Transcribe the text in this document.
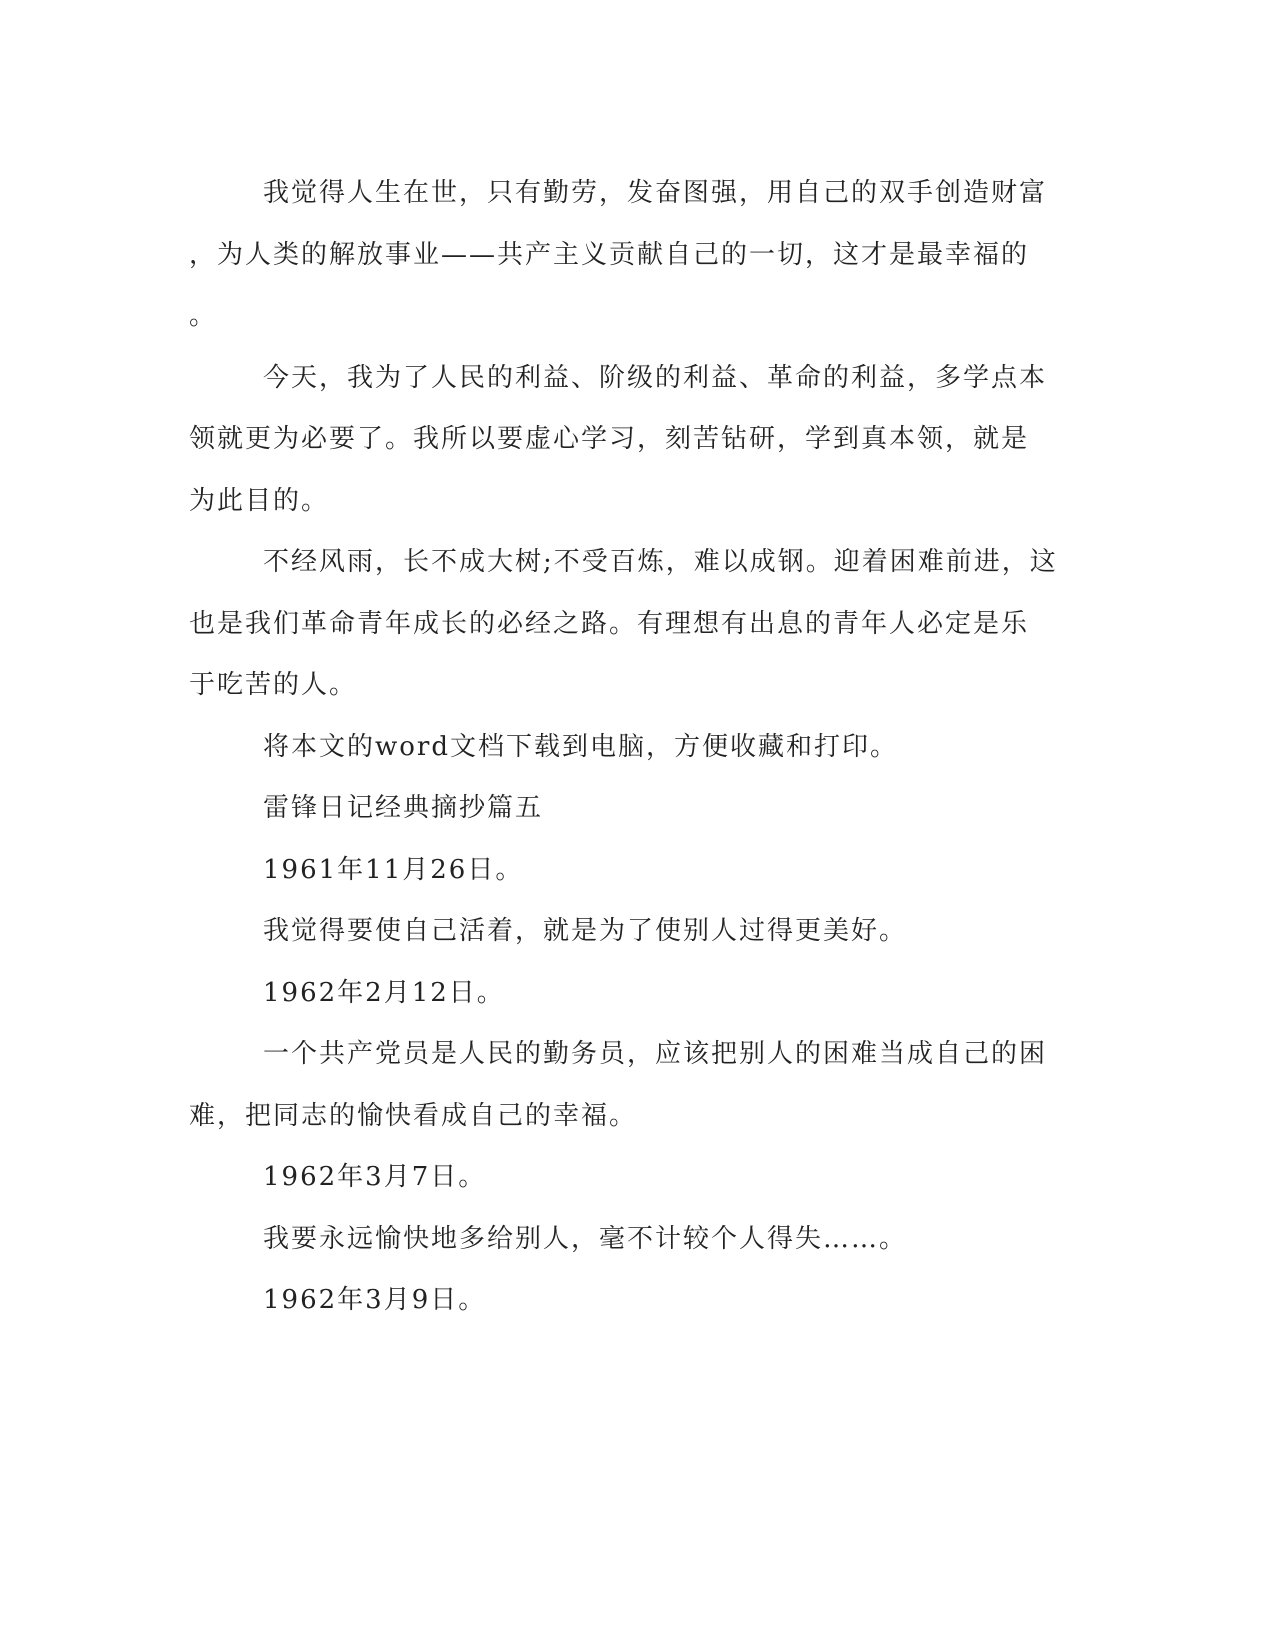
我觉得人生在世，只有勤劳，发奋图强，用自己的双手创造财富
，为人类的解放事业——共产主义贡献自己的一切，这才是最幸福的
。

今天，我为了人民的利益、阶级的利益、革命的利益，多学点本
领就更为必要了。我所以要虚心学习，刻苦钻研，学到真本领，就是
为此目的。

不经风雨，长不成大树;不受百炼，难以成钢。迎着困难前进，这
也是我们革命青年成长的必经之路。有理想有出息的青年人必定是乐
于吃苦的人。

将本文的word文档下载到电脑，方便收藏和打印。

雷锋日记经典摘抄篇五

1961年11月26日。

我觉得要使自己活着，就是为了使别人过得更美好。

1962年2月12日。

一个共产党员是人民的勤务员，应该把别人的困难当成自己的困
难，把同志的愉快看成自己的幸福。

1962年3月7日。

我要永远愉快地多给别人，毫不计较个人得失……。

1962年3月9日。
